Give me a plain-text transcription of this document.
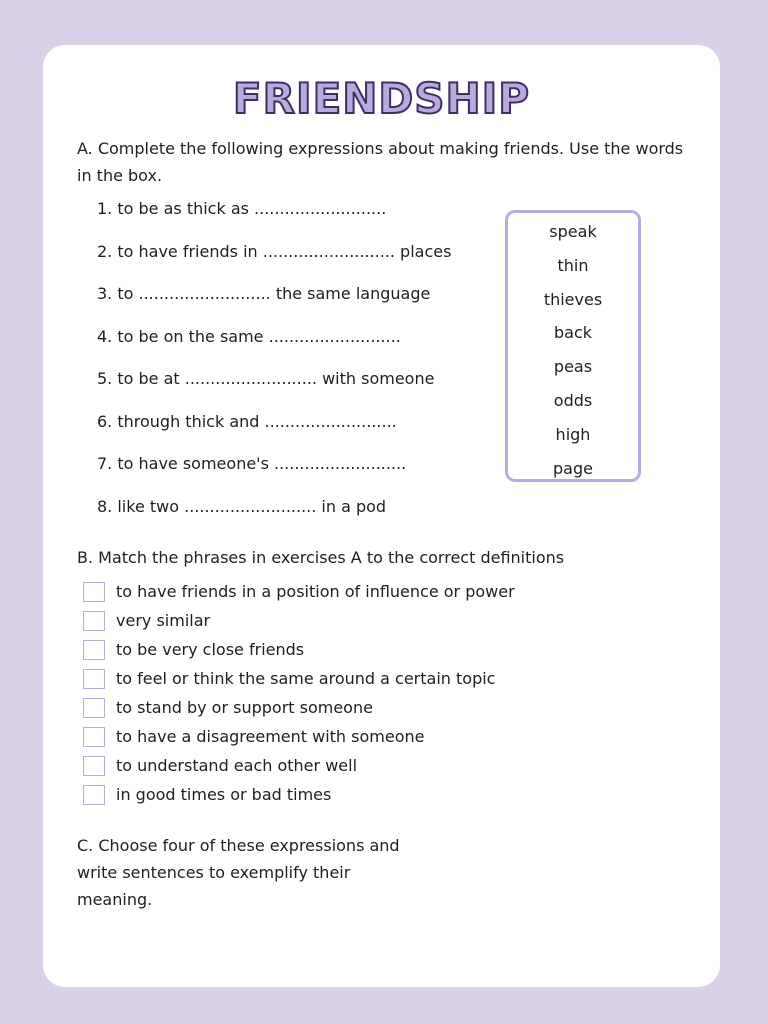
FRIENDSHIP
A. Complete the following expressions about making friends. Use the words in the box.
1. to be as thick as ..........................
2. to have friends in .......................... places
3. to .......................... the same language
4. to be on the same ..........................
5. to be at .......................... with someone
6. through thick and ..........................
7. to have someone's ..........................
8. like two .......................... in a pod
speak
thin
thieves
back
peas
odds
high
page
B. Match the phrases in exercises A to the correct definitions
to have friends in a position of influence or power
very similar
to be very close friends
to feel or think the same around a certain topic
to stand by or support someone
to have a disagreement with someone
to understand each other well
in good times or bad times
C. Choose four of these expressions and write sentences to exemplify their meaning.
